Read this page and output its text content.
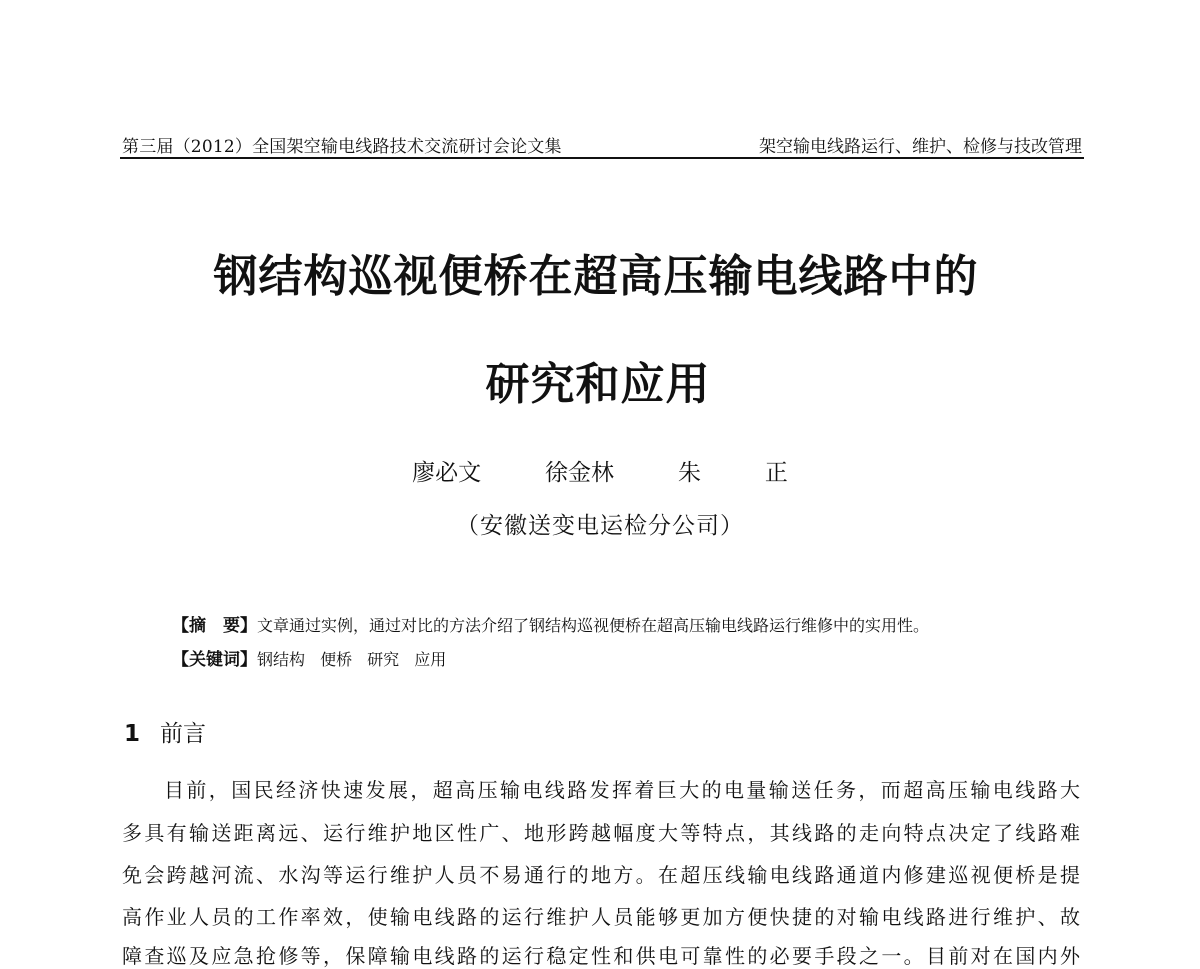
第三届（2012）全国架空输电线路技术交流研讨会论文集	架空输电线路运行、维护、检修与技改管理
钢结构巡视便桥在超高压输电线路中的
研究和应用
廖必文   徐金林   朱   正
（安徽送变电运检分公司）
【摘　要】文章通过实例，通过对比的方法介绍了钢结构巡视便桥在超高压输电线路运行维修中的实用性。
【关键词】钢结构 便桥 研究 应用
1 前言
目前，国民经济快速发展，超高压输电线路发挥着巨大的电量输送任务，而超高压输电线路大
多具有输送距离远、运行维护地区性广、地形跨越幅度大等特点，其线路的走向特点决定了线路难
免会跨越河流、水沟等运行维护人员不易通行的地方。在超压线输电线路通道内修建巡视便桥是提
高作业人员的工作率效，使输电线路的运行维护人员能够更加方便快捷的对输电线路进行维护、故
障查巡及应急抢修等，保障输电线路的运行稳定性和供电可靠性的必要手段之一。目前对在国内外
